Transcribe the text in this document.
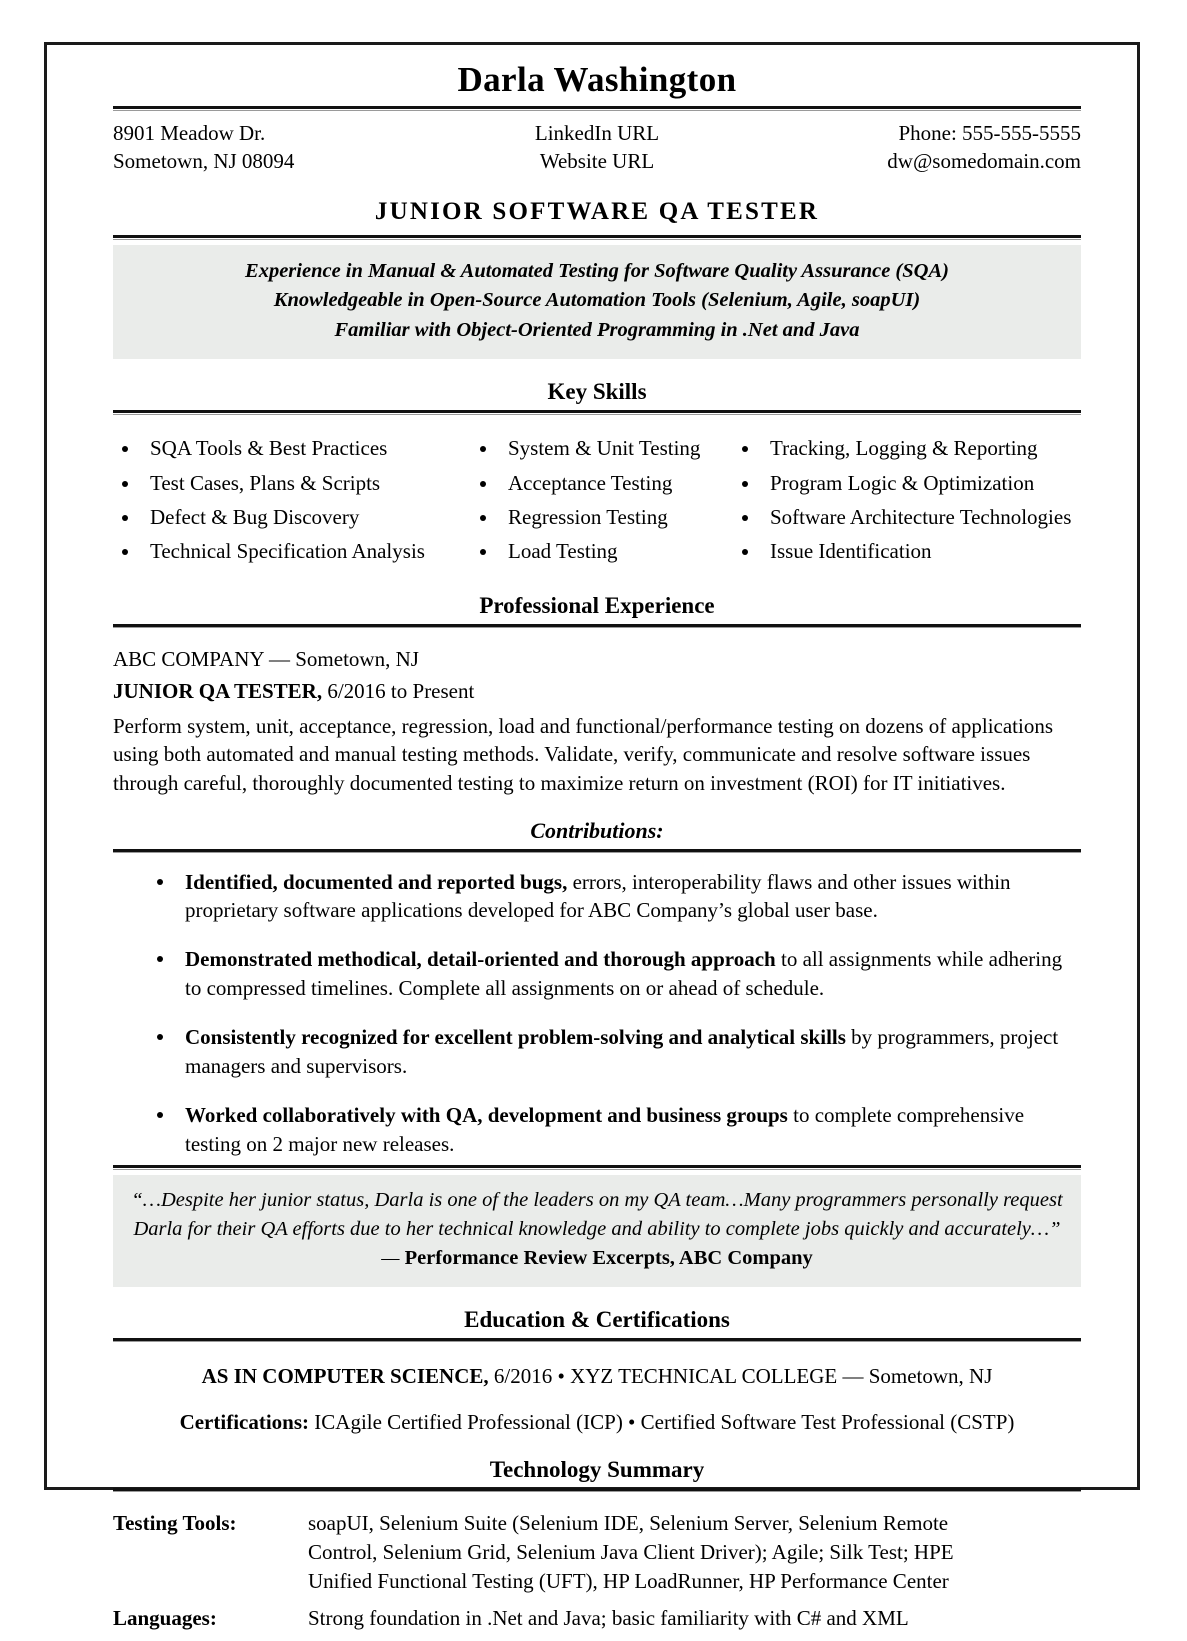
Darla Washington
8901 Meadow Dr.
Sometown, NJ 08094
LinkedIn URL
Website URL
Phone: 555-555-5555
dw@somedomain.com
JUNIOR SOFTWARE QA TESTER
Experience in Manual & Automated Testing for Software Quality Assurance (SQA)
Knowledgeable in Open-Source Automation Tools (Selenium, Agile, soapUI)
Familiar with Object-Oriented Programming in .Net and Java
Key Skills
SQA Tools & Best Practices
Test Cases, Plans & Scripts
Defect & Bug Discovery
Technical Specification Analysis
System & Unit Testing
Acceptance Testing
Regression Testing
Load Testing
Tracking, Logging & Reporting
Program Logic & Optimization
Software Architecture Technologies
Issue Identification
Professional Experience

ABC COMPANY — Sometown, NJ

JUNIOR QA TESTER, 6/2016 to Present

Perform system, unit, acceptance, regression, load and functional/performance testing on dozens of applications using both automated and manual testing methods. Validate, verify, communicate and resolve software issues through careful, thoroughly documented testing to maximize return on investment (ROI) for IT initiatives.

Contributions:
Identified, documented and reported bugs, errors, interoperability flaws and other issues within proprietary software applications developed for ABC Company’s global user base.
Demonstrated methodical, detail-oriented and thorough approach to all assignments while adhering to compressed timelines. Complete all assignments on or ahead of schedule.
Consistently recognized for excellent problem-solving and analytical skills by programmers, project managers and supervisors.
Worked collaboratively with QA, development and business groups to complete comprehensive testing on 2 major new releases.

“…Despite her junior status, Darla is one of the leaders on my QA team…Many programmers personally request Darla for their QA efforts due to her technical knowledge and ability to complete jobs quickly and accurately…” — Performance Review Excerpts, ABC Company

Education & Certifications

AS IN COMPUTER SCIENCE, 6/2016 • XYZ TECHNICAL COLLEGE — Sometown, NJ

Certifications: ICAgile Certified Professional (ICP) • Certified Software Test Professional (CSTP)

Technology Summary
Testing Tools:	soapUI, Selenium Suite (Selenium IDE, Selenium Server, Selenium Remote
Control, Selenium Grid, Selenium Java Client Driver); Agile; Silk Test; HPE
Unified Functional Testing (UFT), HP LoadRunner, HP Performance Center
Languages:	Strong foundation in .Net and Java; basic familiarity with C# and XML
